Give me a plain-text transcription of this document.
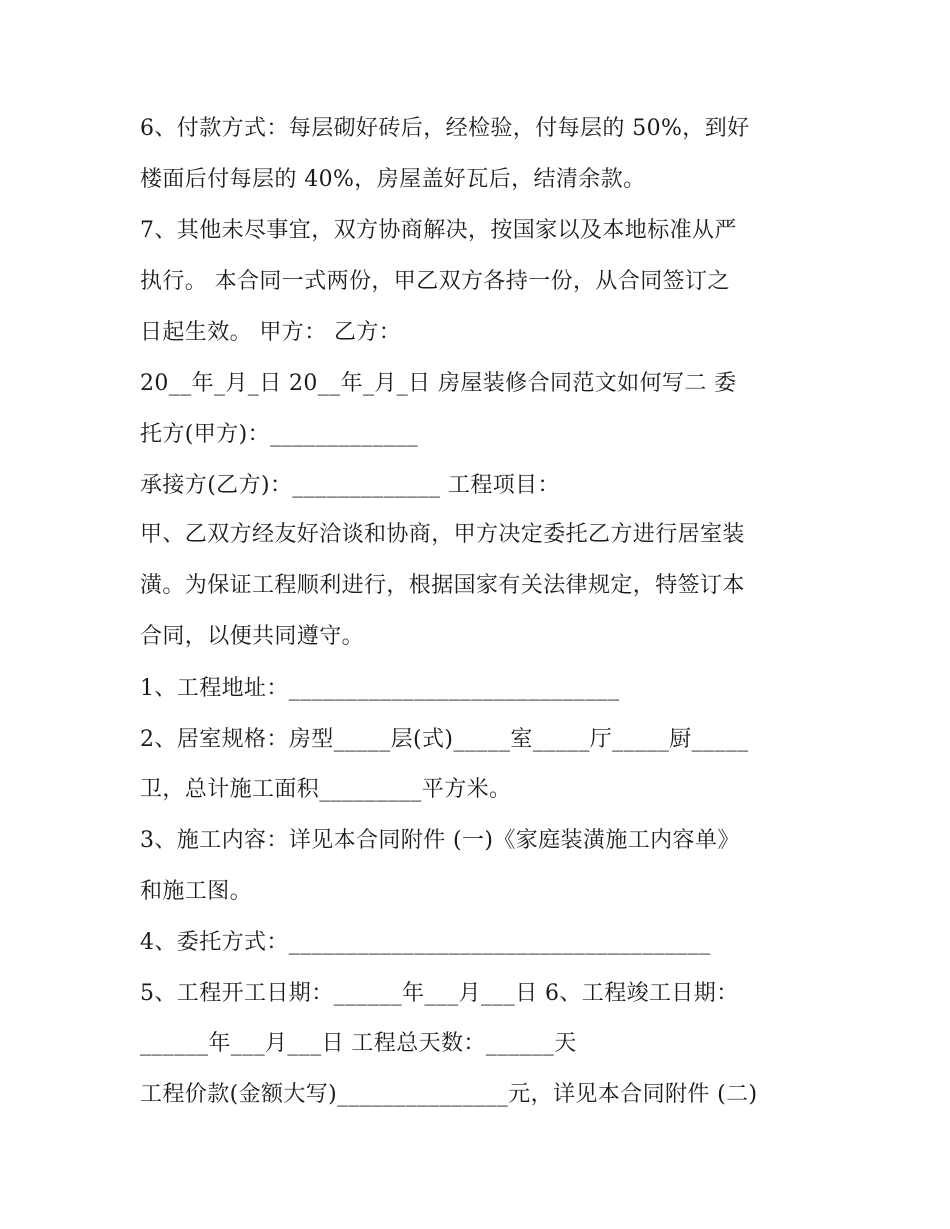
6、付款方式：每层砌好砖后，经检验，付每层的 50%，到好
楼面后付每层的 40%，房屋盖好瓦后，结清余款。
7、其他未尽事宜，双方协商解决，按国家以及本地标准从严
执行。 本合同一式两份，甲乙双方各持一份，从合同签订之
日起生效。 甲方： 乙方：
20__年_月_日 20__年_月_日 房屋装修合同范文如何写二 委
托方(甲方)：_____________
承接方(乙方)：_____________ 工程项目：
甲、乙双方经友好洽谈和协商，甲方决定委托乙方进行居室装
潢。为保证工程顺利进行，根据国家有关法律规定，特签订本
合同，以便共同遵守。
1、工程地址：_____________________________
2、居室规格：房型_____层(式)_____室_____厅_____厨_____
卫，总计施工面积_________平方米。
3、施工内容：详见本合同附件 (一)《家庭装潢施工内容单》
和施工图。
4、委托方式：_____________________________________
5、工程开工日期：______年___月___日 6、工程竣工日期：
______年___月___日 工程总天数：______天
工程价款(金额大写)_______________元，详见本合同附件 (二)
